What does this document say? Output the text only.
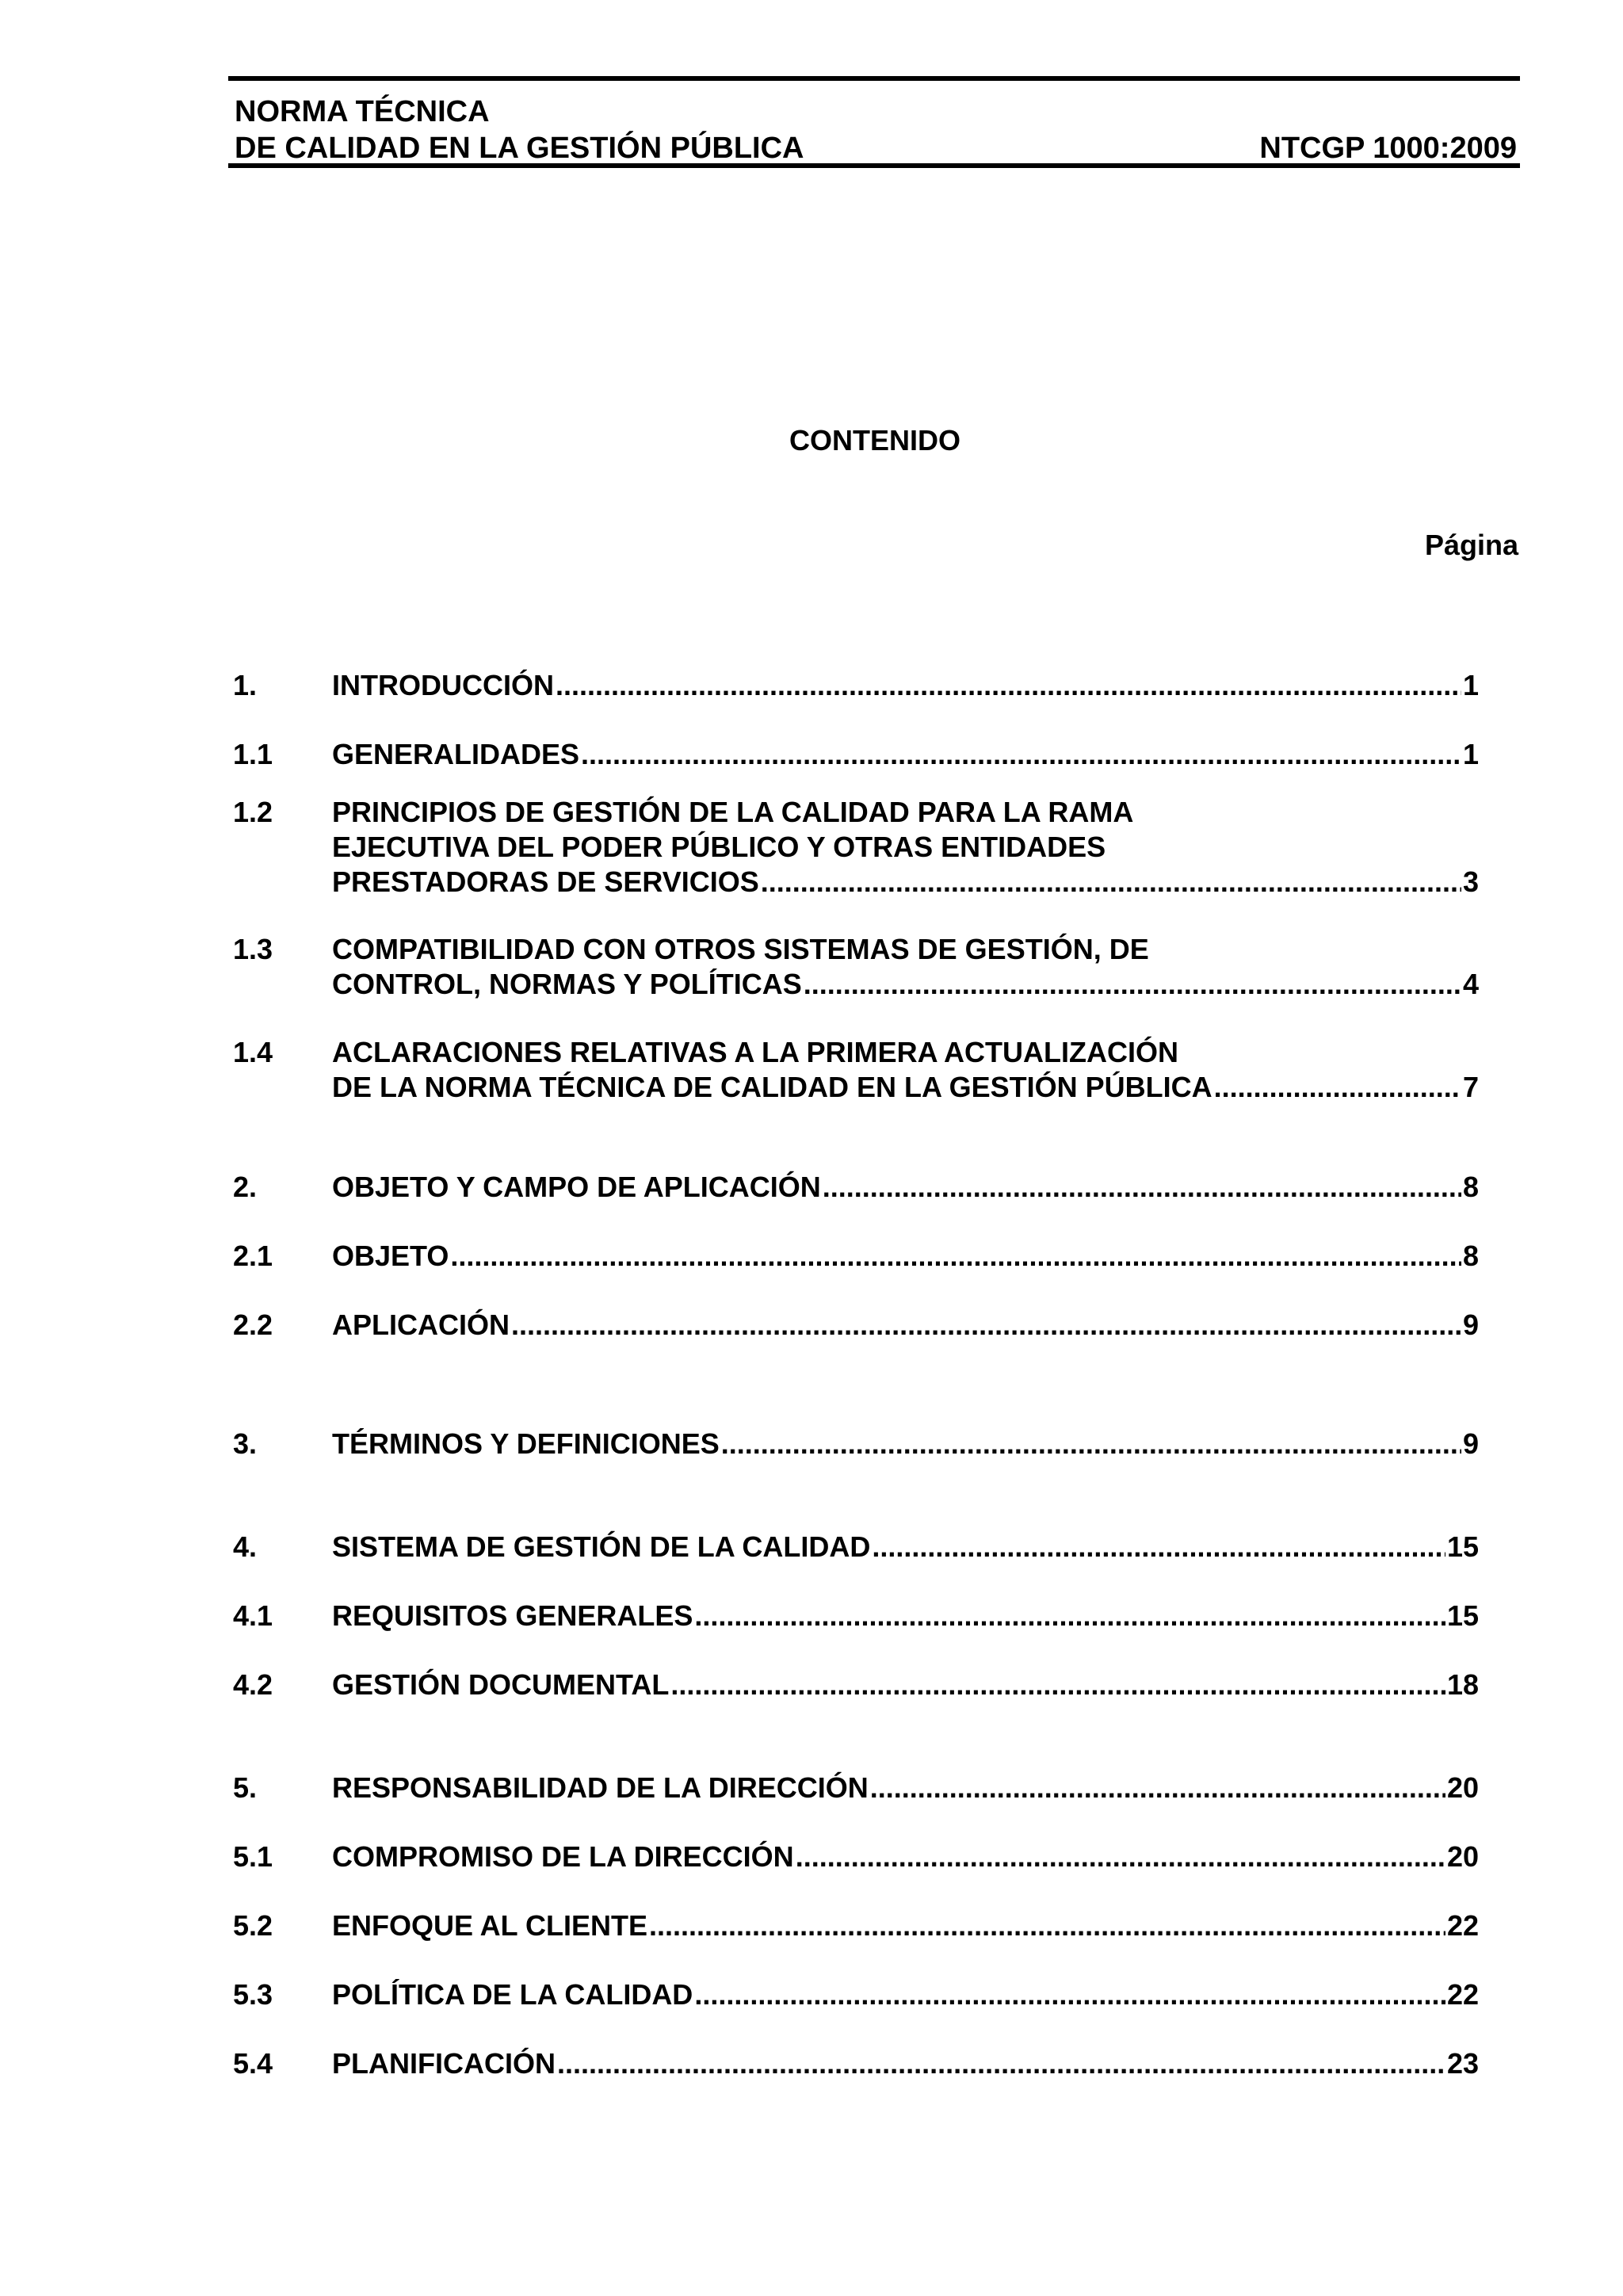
NORMA TÉCNICA
DE CALIDAD EN LA GESTIÓN PÚBLICA	NTCGP 1000:2009
CONTENIDO
Página
1.	INTRODUCCIÓN .....	1
1.1 GENERALIDADES .....	1
1.2 PRINCIPIOS DE GESTIÓN DE LA CALIDAD PARA LA RAMA
EJECUTIVA DEL PODER PÚBLICO Y OTRAS ENTIDADES
PRESTADORAS DE SERVICIOS .....	3
1.3 COMPATIBILIDAD CON OTROS SISTEMAS DE GESTIÓN, DE
CONTROL, NORMAS Y POLÍTICAS .....	4
1.4 ACLARACIONES RELATIVAS A LA PRIMERA ACTUALIZACIÓN
DE LA NORMA TÉCNICA DE CALIDAD EN LA GESTIÓN PÚBLICA .....	7
2.	OBJETO Y CAMPO DE APLICACIÓN .....	8
2.1 OBJETO .....	8
2.2 APLICACIÓN .....	9
3.	TÉRMINOS Y DEFINICIONES .....	9
4.	SISTEMA DE GESTIÓN DE LA CALIDAD .....	15
4.1 REQUISITOS GENERALES .....	15
4.2 GESTIÓN DOCUMENTAL .....	18
5.	RESPONSABILIDAD DE LA DIRECCIÓN .....	20
5.1 COMPROMISO DE LA DIRECCIÓN .....	20
5.2 ENFOQUE AL CLIENTE .....	22
5.3 POLÍTICA DE LA CALIDAD .....	22
5.4 PLANIFICACIÓN .....	23
